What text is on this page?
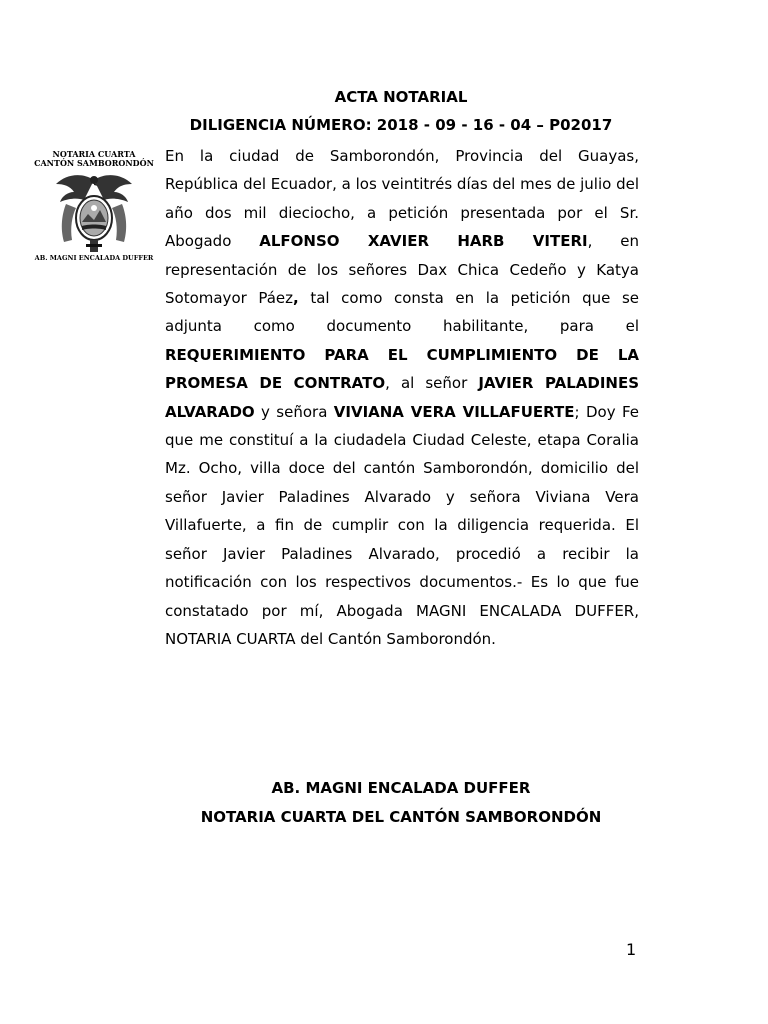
ACTA NOTARIAL
DILIGENCIA NÚMERO: 2018 - 09 - 16 - 04 – P02017
NOTARIA CUARTA
CANTÓN SAMBORONDÓN
AB. MAGNI ENCALADA DUFFER
En la ciudad de Samborondón, Provincia del Guayas, República del Ecuador, a los veintitrés días del mes de julio del año dos mil dieciocho, a petición presentada por el Sr. Abogado ALFONSO XAVIER HARB VITERI, en representación de los señores Dax Chica Cedeño y Katya Sotomayor Páez, tal como consta en la petición que se adjunta como documento habilitante, para el REQUERIMIENTO PARA EL CUMPLIMIENTO DE LA PROMESA DE CONTRATO, al señor JAVIER PALADINES ALVARADO y señora VIVIANA VERA VILLAFUERTE; Doy Fe que me constituí a la ciudadela Ciudad Celeste, etapa Coralia Mz. Ocho, villa doce del cantón Samborondón, domicilio del señor Javier Paladines Alvarado y señora Viviana Vera Villafuerte, a fin de cumplir con la diligencia requerida. El señor Javier Paladines Alvarado, procedió a recibir la notificación con los respectivos documentos.- Es lo que fue constatado por mí, Abogada MAGNI ENCALADA DUFFER, NOTARIA CUARTA del Cantón Samborondón.
AB. MAGNI ENCALADA DUFFER
NOTARIA CUARTA DEL CANTÓN SAMBORONDÓN
1
